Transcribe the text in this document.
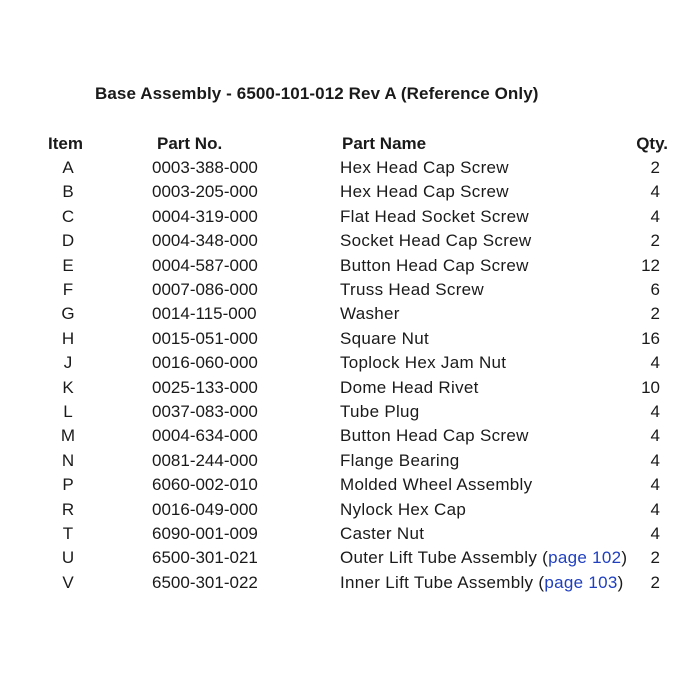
Base Assembly - 6500-101-012 Rev A (Reference Only)
Item	Part No.	Part Name	Qty.
A	0003-388-000	Hex Head Cap Screw	2
B	0003-205-000	Hex Head Cap Screw	4
C	0004-319-000	Flat Head Socket Screw	4
D	0004-348-000	Socket Head Cap Screw	2
E	0004-587-000	Button Head Cap Screw	12
F	0007-086-000	Truss Head Screw	6
G	0014-115-000	Washer	2
H	0015-051-000	Square Nut	16
J	0016-060-000	Toplock Hex Jam Nut	4
K	0025-133-000	Dome Head Rivet	10
L	0037-083-000	Tube Plug	4
M	0004-634-000	Button Head Cap Screw	4
N	0081-244-000	Flange Bearing	4
P	6060-002-010	Molded Wheel Assembly	4
R	0016-049-000	Nylock Hex Cap	4
T	6090-001-009	Caster Nut	4
U	6500-301-021	Outer Lift Tube Assembly (page 102)	2
V	6500-301-022	Inner Lift Tube Assembly (page 103)	2
